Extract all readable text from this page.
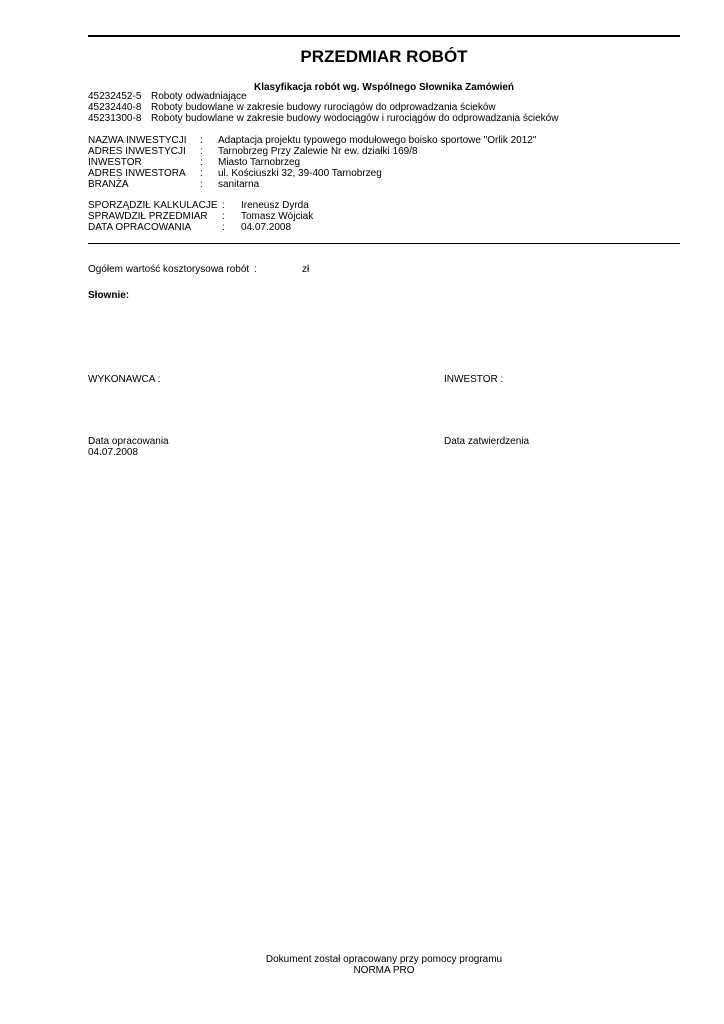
PRZEDMIAR ROBÓT
Klasyfikacja robót wg. Wspólnego Słownika Zamówień
45232452-5 Roboty odwadniające
45232440-8 Roboty budowlane w zakresie budowy rurociągów do odprowadzania ścieków
45231300-8 Roboty budowlane w zakresie budowy wodociągów i rurociągów do odprowadzania ścieków
NAZWA INWESTYCJI : Adaptacja projektu typowego modułowego boisko sportowe "Orlik 2012"
ADRES INWESTYCJI : Tarnobrzeg Przy Zalewie Nr ew. działki 169/8
INWESTOR	: Miasto Tarnobrzeg
ADRES INWESTORA : ul. Kościuszki 32, 39-400 Tarnobrzeg
BRANŻA	: sanitarna
SPORZĄDZIŁ KALKULACJE : Ireneusz Dyrda
SPRAWDZIŁ PRZEDMIAR : Tomasz Wójciak
DATA OPRACOWANIA	: 04.07.2008
Ogółem wartość kosztorysowa robót :	zł
Słownie:
WYKONAWCA :	INWESTOR :
Data opracowania
04.07.2008
Data zatwierdzenia
Dokument został opracowany przy pomocy programu
NORMA PRO
